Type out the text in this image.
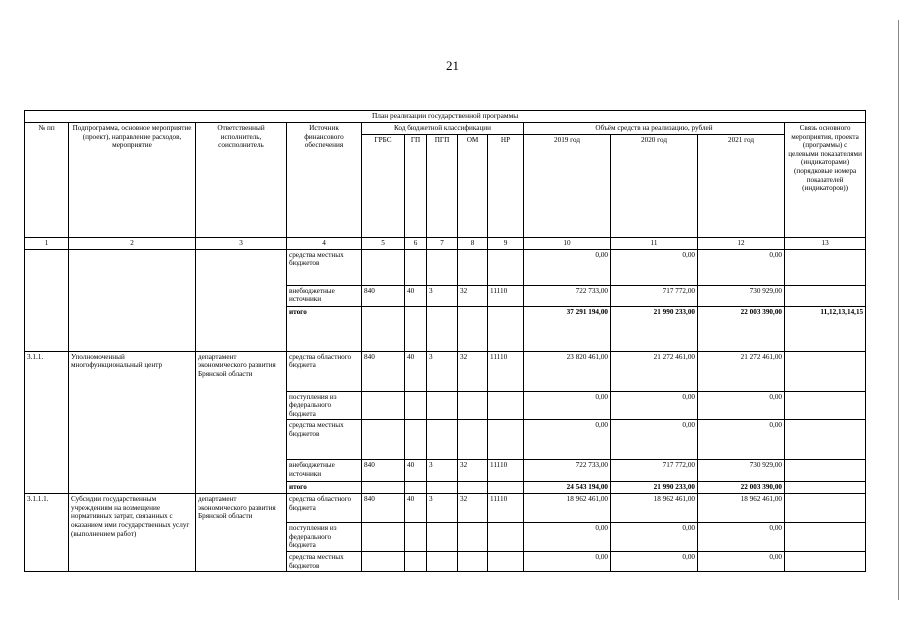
21
План реализации государственной программы												
№ пп	Подпрограмма, основное мероприятие (проект), направление расходов, мероприятие	Ответственный исполнитель, соисполнитель	Источник финансового обеспечения	Код бюджетной классификации					Объём средств на реализацию, рублей			Связь основного мероприятия, проекта (программы) с целевыми показателями (индикаторами) (порядковые номера показателей (индикаторов))
				ГРБС	ГП	ПГП	ОМ	НР	2019 год	2020 год	2021 год	
1	2	3	4	5	6	7	8	9	10	11	12	13
			средства местных бюджетов						0,00	0,00	0,00	
			внебюджетные источники	840	40	3	32	11110	722 733,00	717 772,00	730 929,00	
			итого						37 291 194,00	21 990 233,00	22 003 390,00	11,12,13,14,15
3.1.1.	Уполномоченный многофункциональный центр	департамент экономического развития Брянской области	средства областного бюджета	840	40	3	32	11110	23 820 461,00	21 272 461,00	21 272 461,00	
			поступления из федерального бюджета						0,00	0,00	0,00	
			средства местных бюджетов						0,00	0,00	0,00	
			внебюджетные источники	840	40	3	32	11110	722 733,00	717 772,00	730 929,00	
			итого						24 543 194,00	21 990 233,00	22 003 390,00	
3.1.1.1.	Субсидии государственным учреждениям на возмещение нормативных затрат, связанных с оказанием ими государственных услуг (выполнением работ)	департамент экономического развития Брянской области	средства областного бюджета	840	40	3	32	11110	18 962 461,00	18 962 461,00	18 962 461,00	
			поступления из федерального бюджета						0,00	0,00	0,00	
			средства местных бюджетов						0,00	0,00	0,00	
